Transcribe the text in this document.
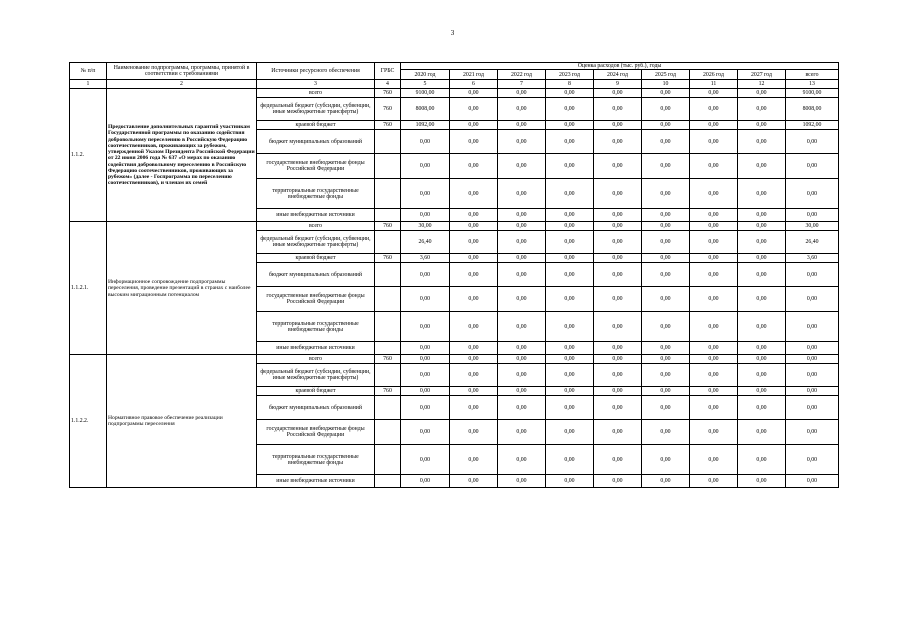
3
№ п/п	Наименование подпрограммы, программы, принятой в соответствии с требованиями	Источники ресурсного обеспечения	ГРБС	Оценка расходов (тыс. руб.), годы								
				2020 год	2021 год	2022 год	2023 год	2024 год	2025 год	2026 год	2027 год	всего
1	2	3	4	5	6	7	8	9	10	11	12	13
1.1.2.	Предоставление дополнительных гарантий участникам Государственной программы по оказанию содействия добровольному переселению в Российскую Федерацию соотечественников, проживающих за рубежом, утвержденной Указом Президента Российской Федерации от 22 июня 2006 года № 637 «О мерах по оказанию содействия добровольному переселению в Российскую Федерацию соотечественников, проживающих за рубежом» (далее - Госпрограмма по переселению соотечественников), и членам их семей	всего	760	9100,00	0,00	0,00	0,00	0,00	0,00	0,00	0,00	9100,00
		федеральный бюджет (субсидии, субвенции, иные межбюджетные трансферты)	760	8008,00	0,00	0,00	0,00	0,00	0,00	0,00	0,00	8008,00
		краевой бюджет	760	1092,00	0,00	0,00	0,00	0,00	0,00	0,00	0,00	1092,00
		бюджет муниципальных образований		0,00	0,00	0,00	0,00	0,00	0,00	0,00	0,00	0,00
		государственные внебюджетные фонды Российской Федерации		0,00	0,00	0,00	0,00	0,00	0,00	0,00	0,00	0,00
		территориальные государственные внебюджетные фонды		0,00	0,00	0,00	0,00	0,00	0,00	0,00	0,00	0,00
		иные внебюджетные источники		0,00	0,00	0,00	0,00	0,00	0,00	0,00	0,00	0,00
1.1.2.1.	Информационное сопровождение подпрограммы переселения, проведение презентаций в странах с наиболее высоким миграционным потенциалом	всего	760	30,00	0,00	0,00	0,00	0,00	0,00	0,00	0,00	30,00
		федеральный бюджет (субсидии, субвенции, иные межбюджетные трансферты)		26,40	0,00	0,00	0,00	0,00	0,00	0,00	0,00	26,40
		краевой бюджет	760	3,60	0,00	0,00	0,00	0,00	0,00	0,00	0,00	3,60
		бюджет муниципальных образований		0,00	0,00	0,00	0,00	0,00	0,00	0,00	0,00	0,00
		государственные внебюджетные фонды Российской Федерации		0,00	0,00	0,00	0,00	0,00	0,00	0,00	0,00	0,00
		территориальные государственные внебюджетные фонды		0,00	0,00	0,00	0,00	0,00	0,00	0,00	0,00	0,00
		иные внебюджетные источники		0,00	0,00	0,00	0,00	0,00	0,00	0,00	0,00	0,00
1.1.2.2.	Нормативное правовое обеспечение реализации подпрограммы переселения	всего	760	0,00	0,00	0,00	0,00	0,00	0,00	0,00	0,00	0,00
		федеральный бюджет (субсидии, субвенции, иные межбюджетные трансферты)		0,00	0,00	0,00	0,00	0,00	0,00	0,00	0,00	0,00
		краевой бюджет	760	0,00	0,00	0,00	0,00	0,00	0,00	0,00	0,00	0,00
		бюджет муниципальных образований		0,00	0,00	0,00	0,00	0,00	0,00	0,00	0,00	0,00
		государственные внебюджетные фонды Российской Федерации		0,00	0,00	0,00	0,00	0,00	0,00	0,00	0,00	0,00
		территориальные государственные внебюджетные фонды		0,00	0,00	0,00	0,00	0,00	0,00	0,00	0,00	0,00
		иные внебюджетные источники		0,00	0,00	0,00	0,00	0,00	0,00	0,00	0,00	0,00
